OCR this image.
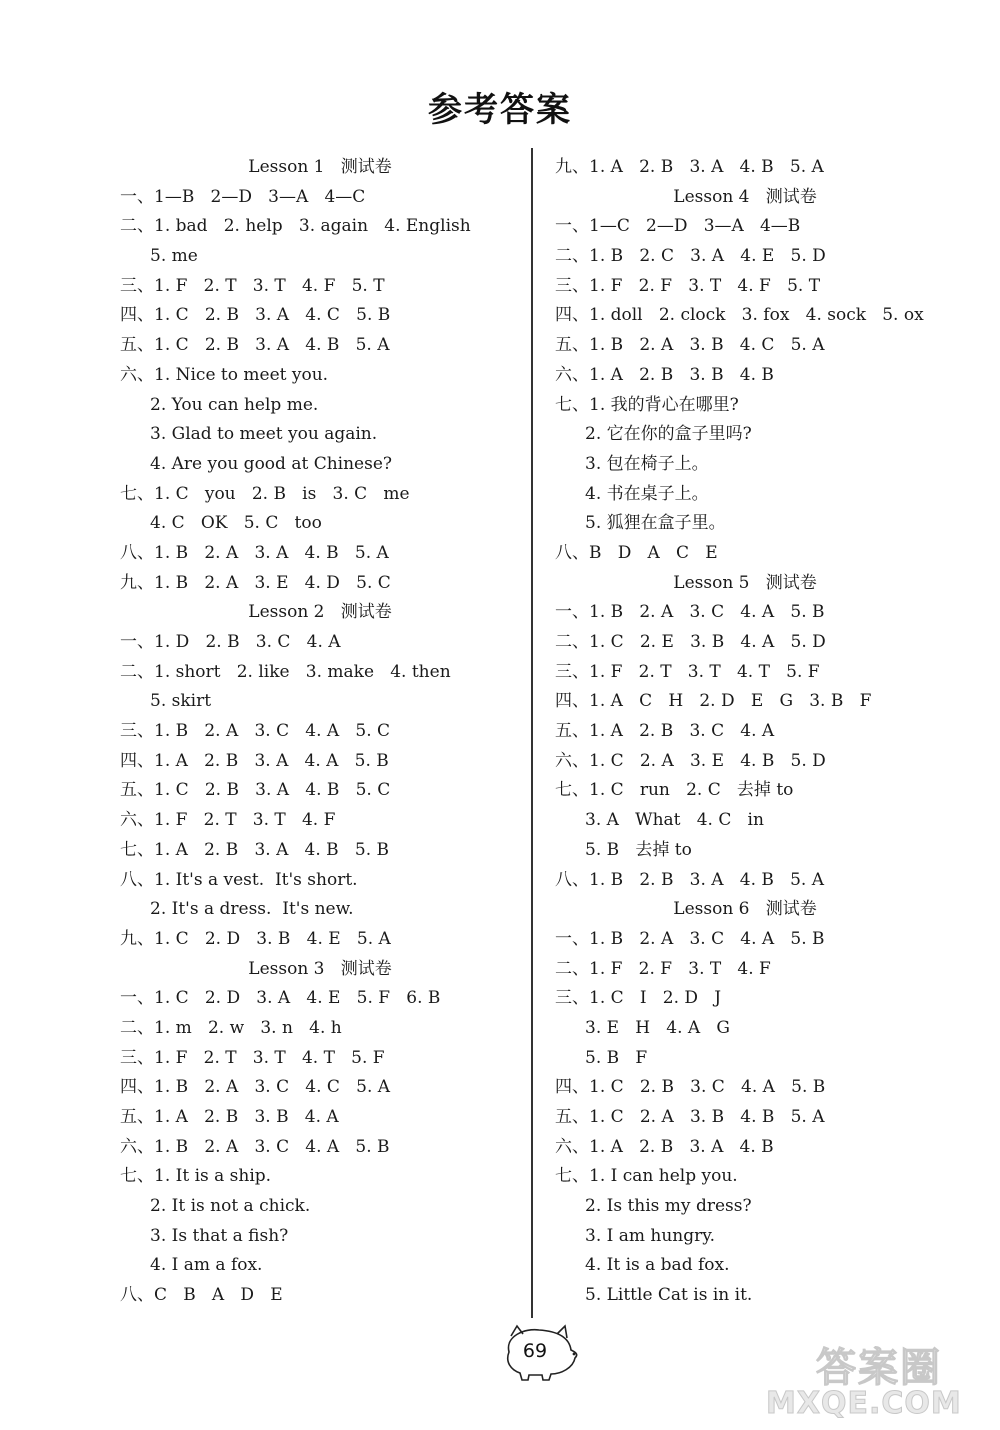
参考答案
Lesson 1   测试卷
一、1—B   2—D   3—A   4—C
二、1. bad   2. help   3. again   4. English
5. me
三、1. F   2. T   3. T   4. F   5. T
四、1. C   2. B   3. A   4. C   5. B
五、1. C   2. B   3. A   4. B   5. A
六、1. Nice to meet you.
2. You can help me.
3. Glad to meet you again.
4. Are you good at Chinese?
七、1. C   you   2. B   is   3. C   me
4. C   OK   5. C   too
八、1. B   2. A   3. A   4. B   5. A
九、1. B   2. A   3. E   4. D   5. C
Lesson 2   测试卷
一、1. D   2. B   3. C   4. A
二、1. short   2. like   3. make   4. then
5. skirt
三、1. B   2. A   3. C   4. A   5. C
四、1. A   2. B   3. A   4. A   5. B
五、1. C   2. B   3. A   4. B   5. C
六、1. F   2. T   3. T   4. F
七、1. A   2. B   3. A   4. B   5. B
八、1. It's a vest.  It's short.
2. It's a dress.  It's new.
九、1. C   2. D   3. B   4. E   5. A
Lesson 3   测试卷
一、1. C   2. D   3. A   4. E   5. F   6. B
二、1. m   2. w   3. n   4. h
三、1. F   2. T   3. T   4. T   5. F
四、1. B   2. A   3. C   4. C   5. A
五、1. A   2. B   3. B   4. A
六、1. B   2. A   3. C   4. A   5. B
七、1. It is a ship.
2. It is not a chick.
3. Is that a fish?
4. I am a fox.
八、C   B   A   D   E
九、1. A   2. B   3. A   4. B   5. A
Lesson 4   测试卷
一、1—C   2—D   3—A   4—B
二、1. B   2. C   3. A   4. E   5. D
三、1. F   2. F   3. T   4. F   5. T
四、1. doll   2. clock   3. fox   4. sock   5. ox
五、1. B   2. A   3. B   4. C   5. A
六、1. A   2. B   3. B   4. B
七、1. 我的背心在哪里?
2. 它在你的盒子里吗?
3. 包在椅子上。
4. 书在桌子上。
5. 狐狸在盒子里。
八、B   D   A   C   E
Lesson 5   测试卷
一、1. B   2. A   3. C   4. A   5. B
二、1. C   2. E   3. B   4. A   5. D
三、1. F   2. T   3. T   4. T   5. F
四、1. A   C   H   2. D   E   G   3. B   F
五、1. A   2. B   3. C   4. A
六、1. C   2. A   3. E   4. B   5. D
七、1. C   run   2. C   去掉 to
3. A   What   4. C   in
5. B   去掉 to
八、1. B   2. B   3. A   4. B   5. A
Lesson 6   测试卷
一、1. B   2. A   3. C   4. A   5. B
二、1. F   2. F   3. T   4. F
三、1. C   I   2. D   J
3. E   H   4. A   G
5. B   F
四、1. C   2. B   3. C   4. A   5. B
五、1. C   2. A   3. B   4. B   5. A
六、1. A   2. B   3. A   4. B
七、1. I can help you.
2. Is this my dress?
3. I am hungry.
4. It is a bad fox.
5. Little Cat is in it.
69	答案圈
MXQE.COM
